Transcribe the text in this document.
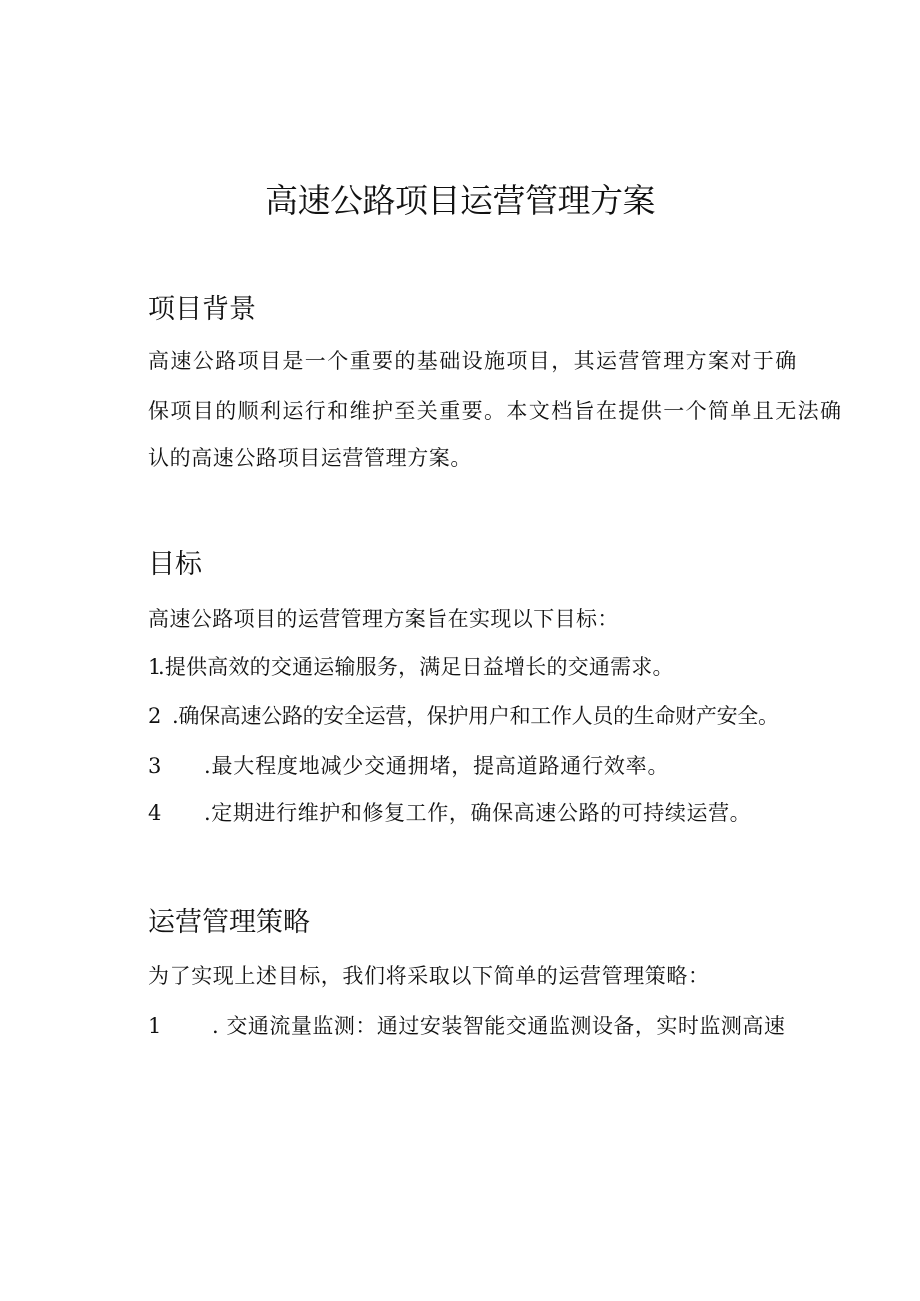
高速公路项目运营管理方案
项目背景
高速公路项目是一个重要的基础设施项目，其运营管理方案对于确
保项目的顺利运行和维护至关重要。本文档旨在提供一个简单且无法确
认的高速公路项目运营管理方案。
目标
高速公路项目的运营管理方案旨在实现以下目标：
1
.提供高效的交通运输服务，满足日益增长的交通需求。
2 .确保高速公路的安全运营，保护用户和工作人员的生命财产安全。
3 .最大程度地减少交通拥堵，提高道路通行效率。
4 .定期进行维护和修复工作，确保高速公路的可持续运营。
运营管理策略
为了实现上述目标，我们将采取以下简单的运营管理策略：
1 . 交通流量监测：通过安装智能交通监测设备，实时监测高速
